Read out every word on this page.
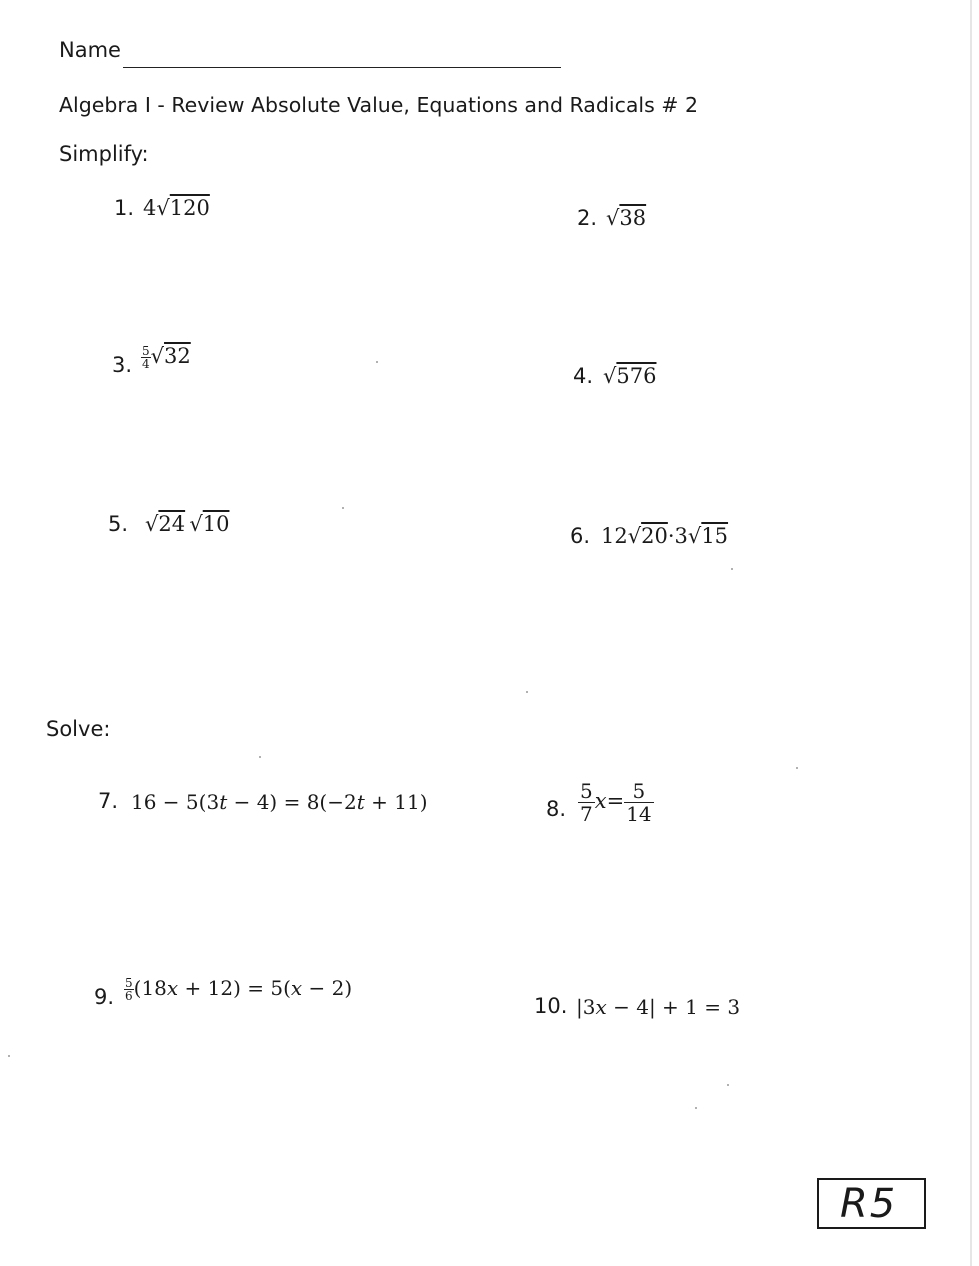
Name
Algebra I - Review Absolute Value, Equations and Radicals # 2
Simplify:
1. 4√120	2. √38
3. $\frac{5}{4} √32$
4. √576
5. √24  √10	6. 12√20·3√15
Solve:
7. 16 − 5(3t − 4) = 8(−2t + 11)	8. $\frac{5}{7} x= \frac{5}{14}$
9. $\frac{5}{6} (18x + 12) = 5(x - 2)$
10. |3x − 4| + 1 = 3
R5
